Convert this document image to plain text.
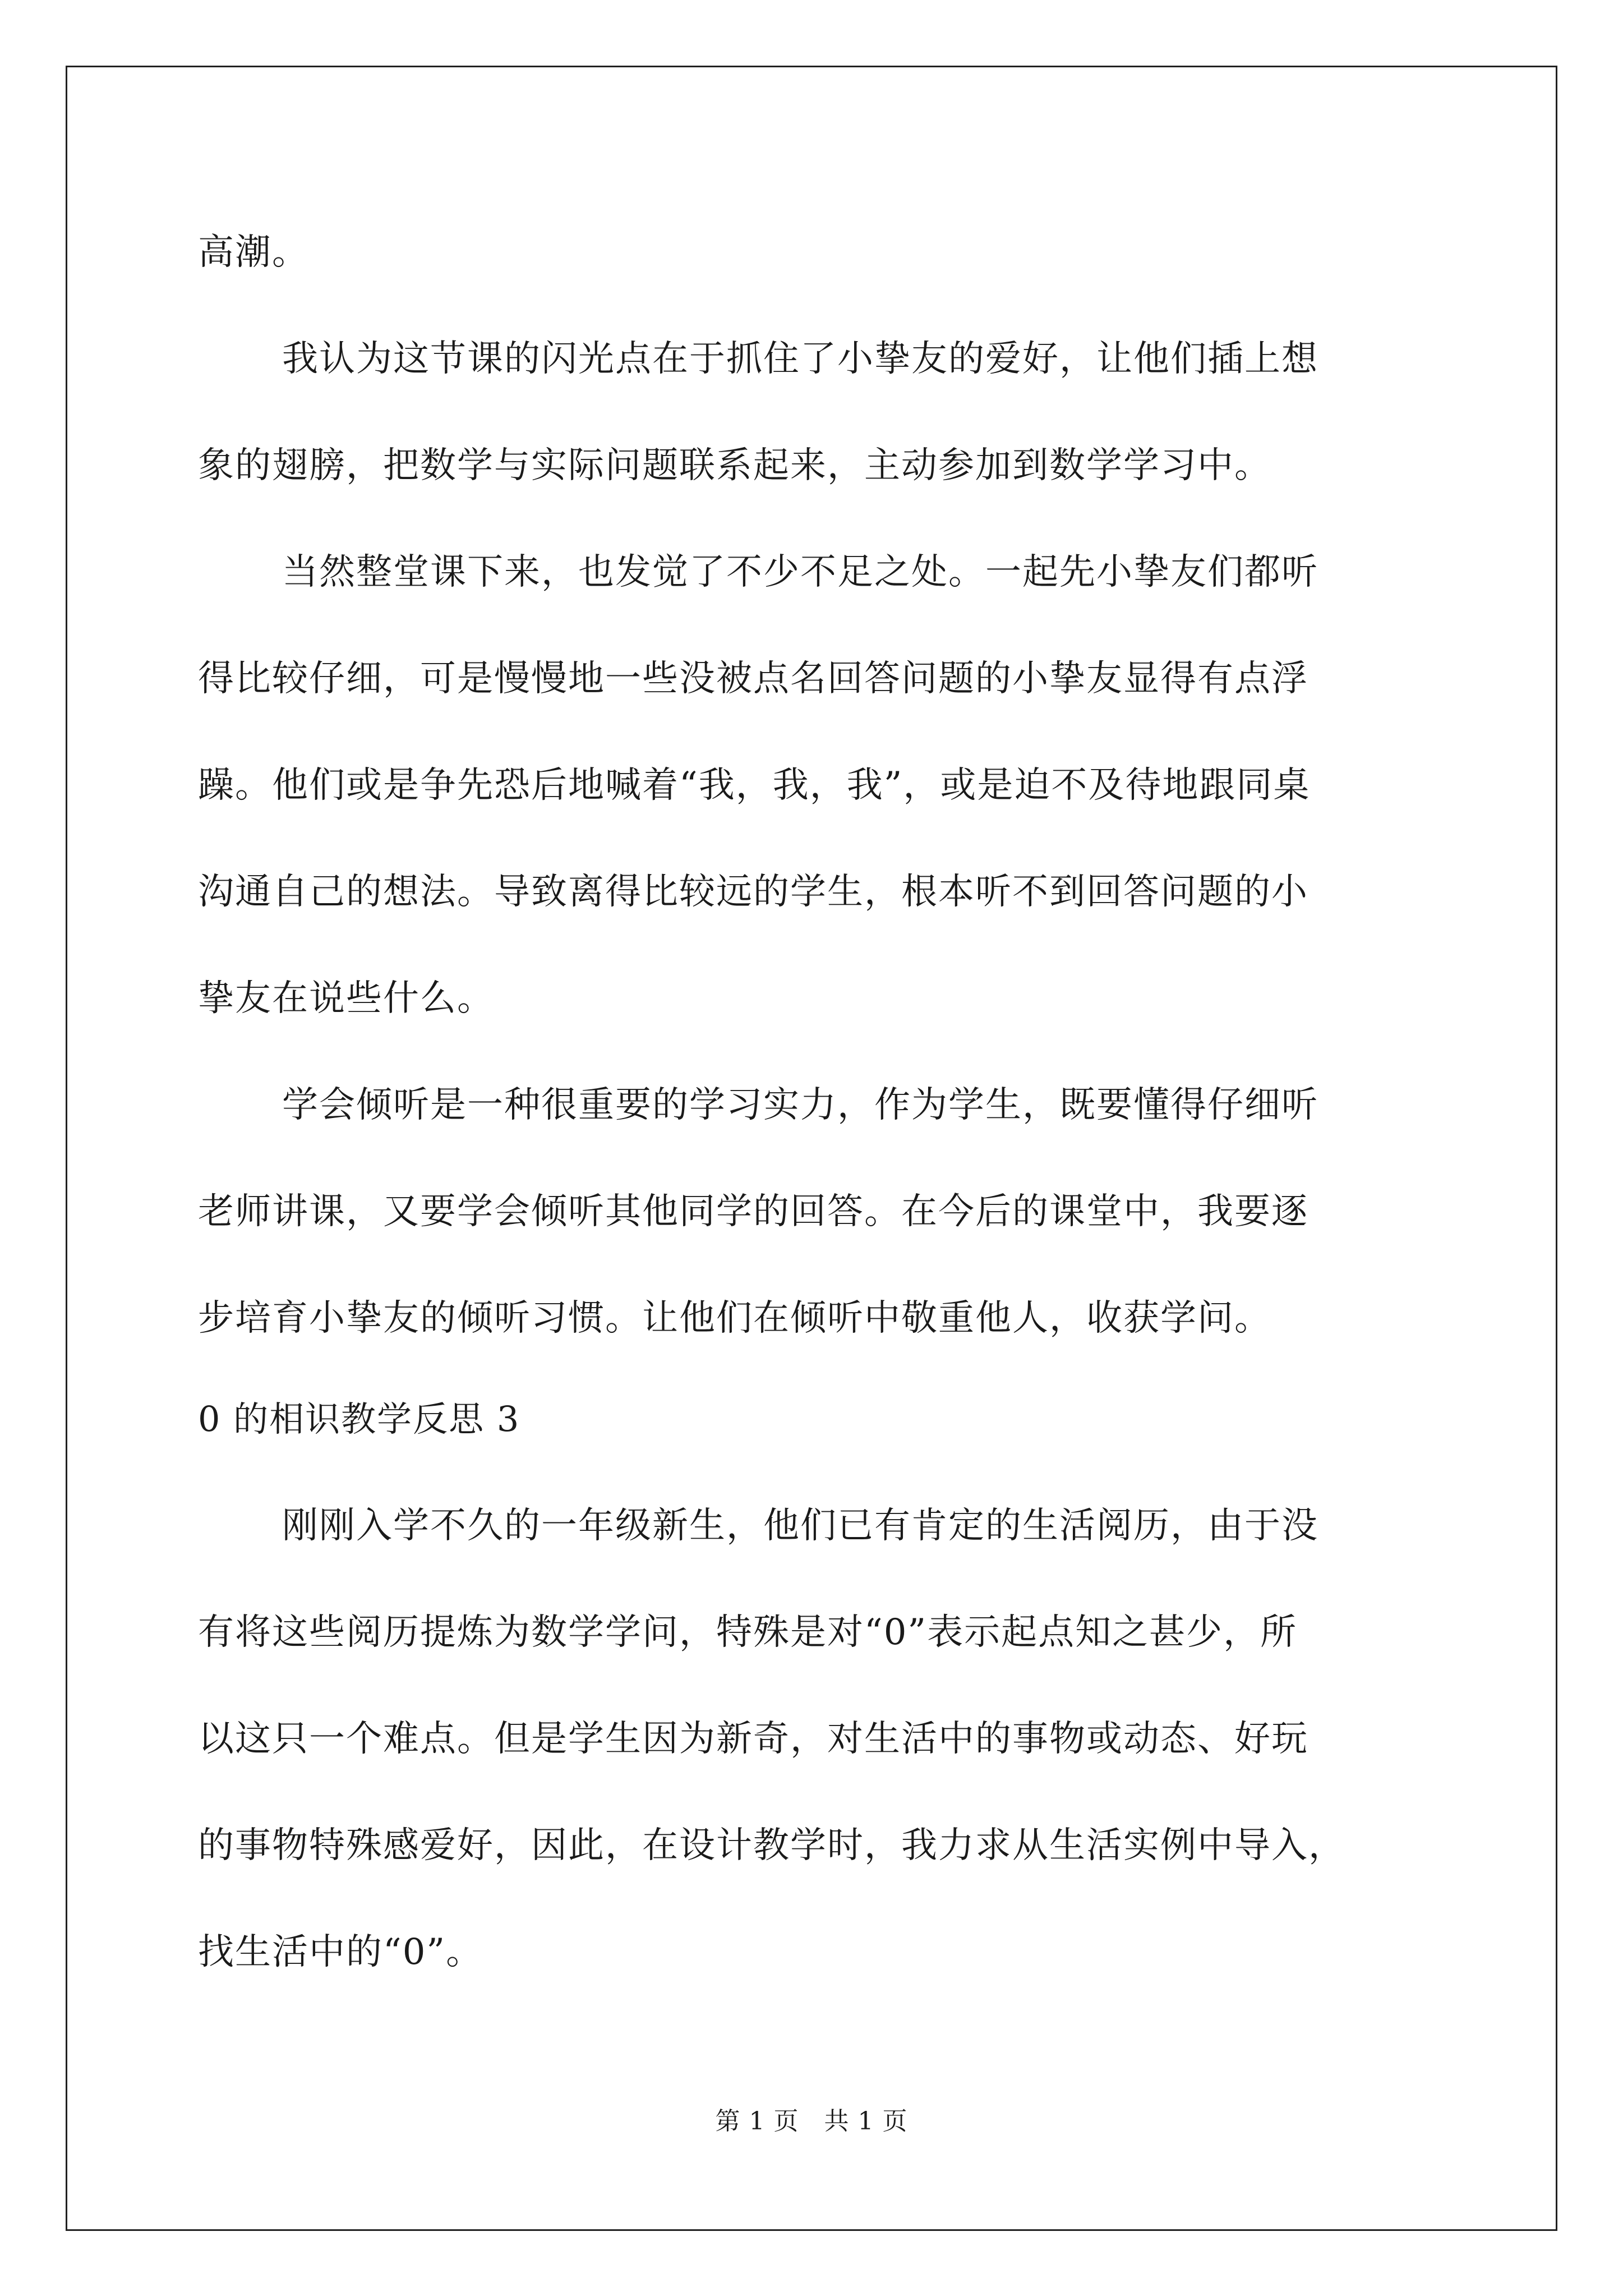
高潮。
我认为这节课的闪光点在于抓住了小挚友的爱好，让他们插上想
象的翅膀，把数学与实际问题联系起来，主动参加到数学学习中。
当然整堂课下来，也发觉了不少不足之处。一起先小挚友们都听
得比较仔细，可是慢慢地一些没被点名回答问题的小挚友显得有点浮
躁。他们或是争先恐后地喊着“我，我，我”，或是迫不及待地跟同桌
沟通自己的想法。导致离得比较远的学生，根本听不到回答问题的小
挚友在说些什么。
学会倾听是一种很重要的学习实力，作为学生，既要懂得仔细听
老师讲课，又要学会倾听其他同学的回答。在今后的课堂中，我要逐
步培育小挚友的倾听习惯。让他们在倾听中敬重他人，收获学问。
0 的相识教学反思 3
刚刚入学不久的一年级新生，他们已有肯定的生活阅历，由于没
有将这些阅历提炼为数学学问，特殊是对“0”表示起点知之甚少，所
以这只一个难点。但是学生因为新奇，对生活中的事物或动态、好玩
的事物特殊感爱好，因此，在设计教学时，我力求从生活实例中导入，
找生活中的“0”。
第 1 页　共 1 页
